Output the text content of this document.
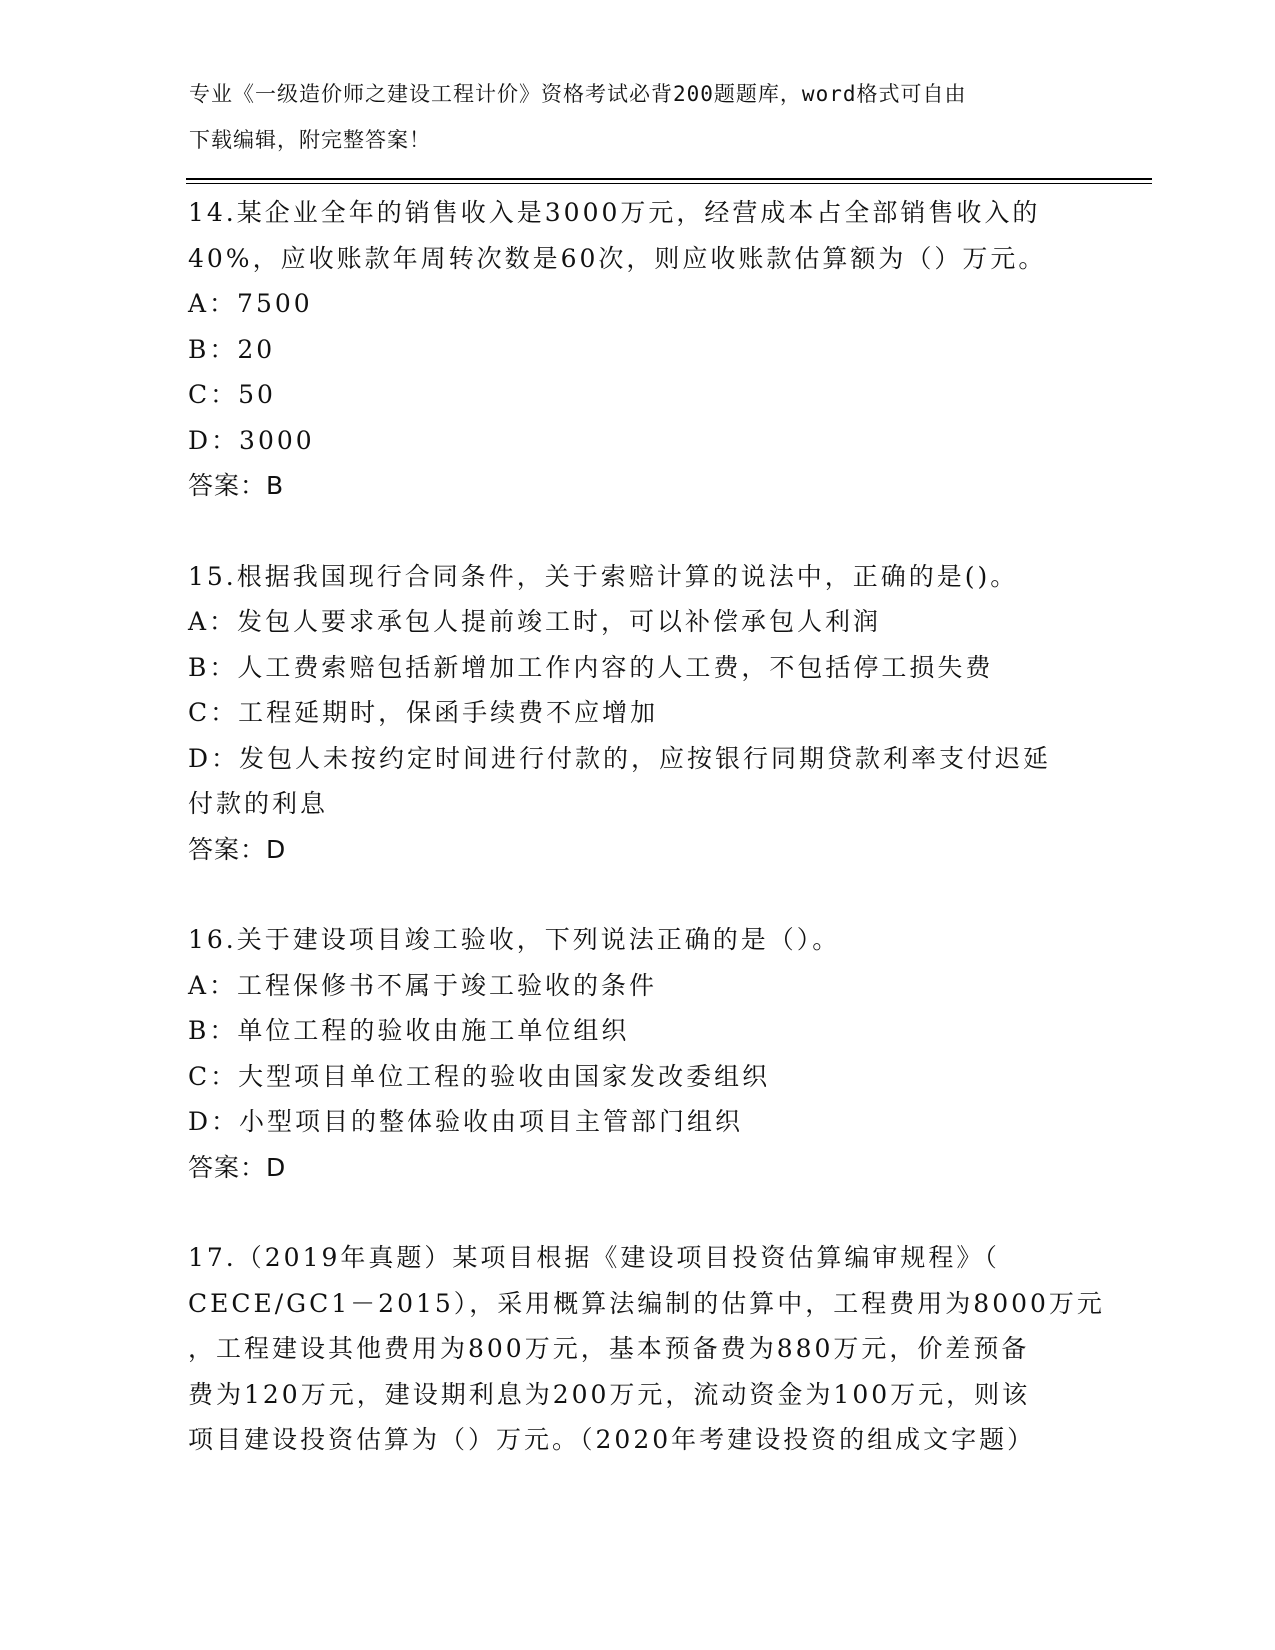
专业《一级造价师之建设工程计价》资格考试必背200题题库，word格式可自由
下载编辑，附完整答案！
14.某企业全年的销售收入是3000万元，经营成本占全部销售收入的
40%，应收账款年周转次数是60次，则应收账款估算额为（）万元。
A：7500
B：20
C：50
D：3000
答案：B
15.根据我国现行合同条件，关于索赔计算的说法中，正确的是()。
A：发包人要求承包人提前竣工时，可以补偿承包人利润
B：人工费索赔包括新增加工作内容的人工费，不包括停工损失费
C：工程延期时，保函手续费不应增加
D：发包人未按约定时间进行付款的，应按银行同期贷款利率支付迟延
付款的利息
答案：D
16.关于建设项目竣工验收，下列说法正确的是（）。
A：工程保修书不属于竣工验收的条件
B：单位工程的验收由施工单位组织
C：大型项目单位工程的验收由国家发改委组织
D：小型项目的整体验收由项目主管部门组织
答案：D
17.（2019年真题）某项目根据《建设项目投资估算编审规程》（
CECE/GC1－2015），采用概算法编制的估算中，工程费用为8000万元
，工程建设其他费用为800万元，基本预备费为880万元，价差预备
费为120万元，建设期利息为200万元，流动资金为100万元，则该
项目建设投资估算为（）万元。（2020年考建设投资的组成文字题）
